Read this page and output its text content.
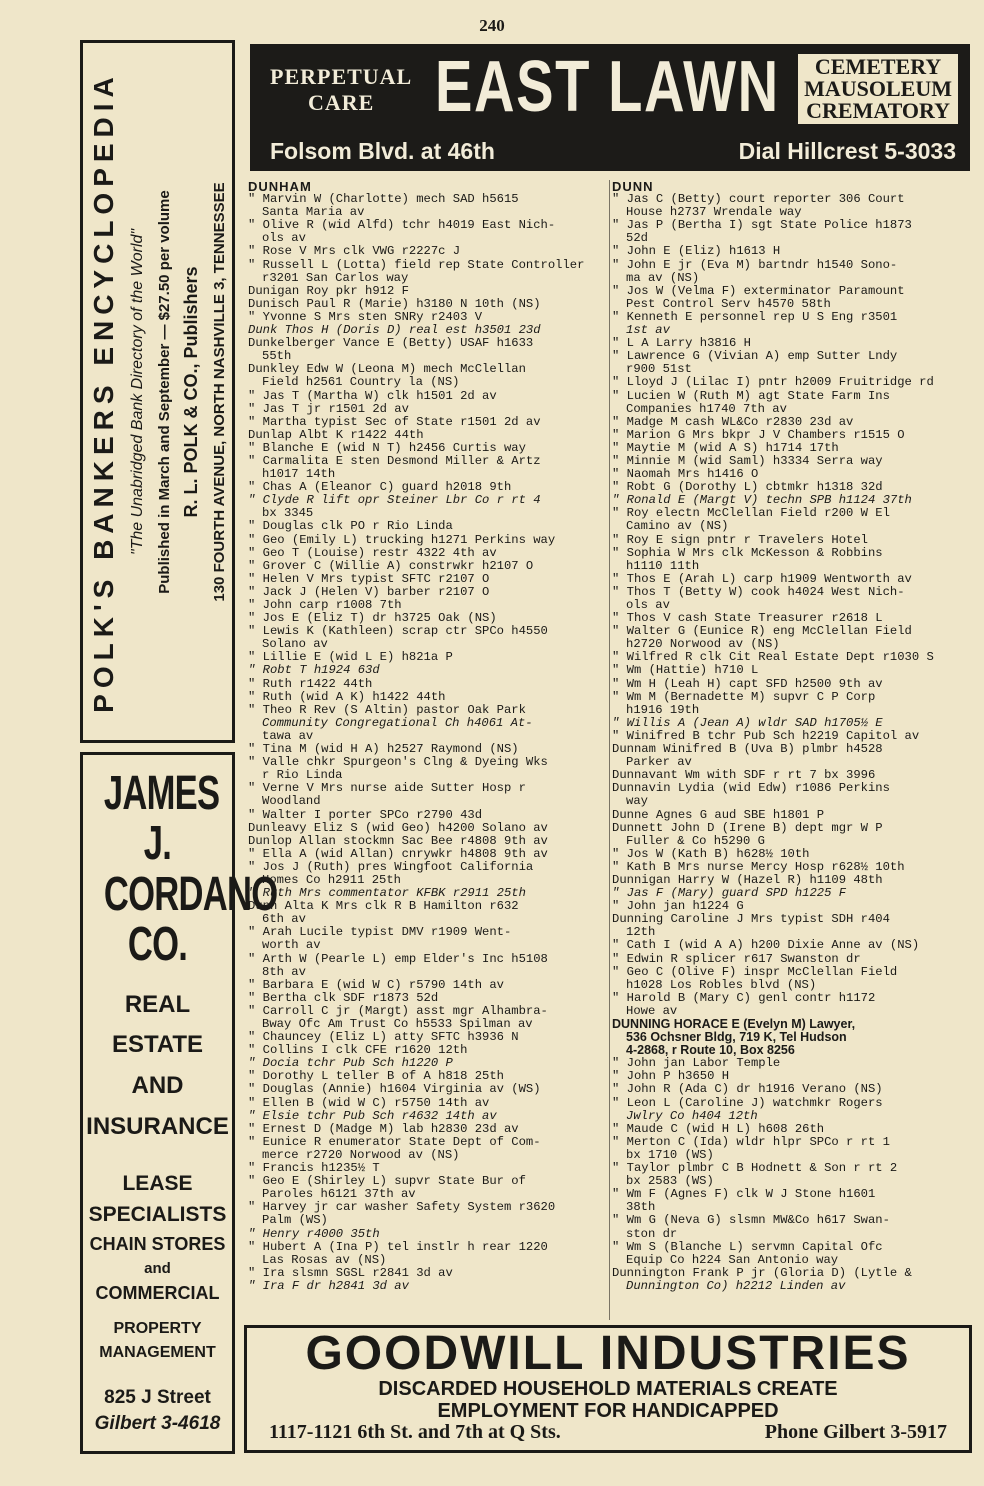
240
POLK'S BANKERS ENCYCLOPEDIA "The Unabridged Bank Directory of the World" Published in March and September — $27.50 per volume R. L. POLK & CO., Publishers 130 FOURTH AVENUE, NORTH NASHVILLE 3, TENNESSEE
JAMES
J.
CORDANO
CO.
REAL
ESTATE
AND
INSURANCE
LEASE
SPECIALISTS
CHAIN STORES
and
COMMERCIAL
PROPERTY
MANAGEMENT
825 J Street
Gilbert 3-4618
PERPETUAL
CARE EAST LAWN	CEMETERY
MAUSOLEUM
CREMATORY
Folsom Blvd. at 46th	Dial Hillcrest 5-3033
DUNHAM
" Marvin W (Charlotte) mech SAD h5615
Santa Maria av
" Olive R (wid Alfd) tchr h4019 East Nich-
ols av
" Rose V Mrs clk VWG r2227c J
" Russell L (Lotta) field rep State Controller
r3201 San Carlos way
Dunigan Roy pkr h912 F
Dunisch Paul R (Marie) h3180 N 10th (NS)
" Yvonne S Mrs sten SNRy r2403 V
Dunk Thos H (Doris D) real est h3501 23d
Dunkelberger Vance E (Betty) USAF h1633
55th
Dunkley Edw W (Leona M) mech McClellan
Field h2561 Country la (NS)
" Jas T (Martha W) clk h1501 2d av
" Jas T jr r1501 2d av
" Martha typist Sec of State r1501 2d av
Dunlap Albt K r1422 44th
" Blanche E (wid N T) h2456 Curtis way
" Carmalita E sten Desmond Miller & Artz
h1017 14th
" Chas A (Eleanor C) guard h2018 9th
" Clyde R lift opr Steiner Lbr Co r rt 4
bx 3345
" Douglas clk PO r Rio Linda
" Geo (Emily L) trucking h1271 Perkins way
" Geo T (Louise) restr 4322 4th av
" Grover C (Willie A) constrwkr h2107 O
" Helen V Mrs typist SFTC r2107 O
" Jack J (Helen V) barber r2107 O
" John carp r1008 7th
" Jos E (Eliz T) dr h3725 Oak (NS)
" Lewis K (Kathleen) scrap ctr SPCo h4550
Solano av
" Lillie E (wid L E) h821a P
" Robt T h1924 63d
" Ruth r1422 44th
" Ruth (wid A K) h1422 44th
" Theo R Rev (S Altin) pastor Oak Park
Community Congregational Ch h4061 At-
tawa av
" Tina M (wid H A) h2527 Raymond (NS)
" Valle chkr Spurgeon's Clng & Dyeing Wks
r Rio Linda
" Verne V Mrs nurse aide Sutter Hosp r
Woodland
" Walter I porter SPCo r2790 43d
Dunleavy Eliz S (wid Geo) h4200 Solano av
Dunlop Allan stockmn Sac Bee r4808 9th av
" Ella A (wid Allan) cnrywkr h4808 9th av
" Jos J (Ruth) pres Wingfoot California
Homes Co h2911 25th
" Ruth Mrs commentator KFBK r2911 25th
Dunn Alta K Mrs clk R B Hamilton r632
6th av
" Arah Lucile typist DMV r1909 Went-
worth av
" Arth W (Pearle L) emp Elder's Inc h5108
8th av
" Barbara E (wid W C) r5790 14th av
" Bertha clk SDF r1873 52d
" Carroll C jr (Margt) asst mgr Alhambra-
Bway Ofc Am Trust Co h5533 Spilman av
" Chauncey (Eliz L) atty SFTC h3936 N
" Collins I clk CFE r1620 12th
" Docia tchr Pub Sch h1220 P
" Dorothy L teller B of A h818 25th
" Douglas (Annie) h1604 Virginia av (WS)
" Ellen B (wid W C) r5750 14th av
" Elsie tchr Pub Sch r4632 14th av
" Ernest D (Madge M) lab h2830 23d av
" Eunice R enumerator State Dept of Com-
merce r2720 Norwood av (NS)
" Francis h1235½ T
" Geo E (Shirley L) supvr State Bur of
Paroles h6121 37th av
" Harvey jr car washer Safety System r3620
Palm (WS)
" Henry r4000 35th
" Hubert A (Ina P) tel instlr h rear 1220
Las Rosas av (NS)
" Ira slsmn SGSL r2841 3d av
" Ira F dr h2841 3d av
DUNN
" Jas C (Betty) court reporter 306 Court
House h2737 Wrendale way
" Jas P (Bertha I) sgt State Police h1873
52d
" John E (Eliz) h1613 H
" John E jr (Eva M) bartndr h1540 Sono-
ma av (NS)
" Jos W (Velma F) exterminator Paramount
Pest Control Serv h4570 58th
" Kenneth E personnel rep U S Eng r3501
1st av
" L A Larry h3816 H
" Lawrence G (Vivian A) emp Sutter Lndy
r900 51st
" Lloyd J (Lilac I) pntr h2009 Fruitridge rd
" Lucien W (Ruth M) agt State Farm Ins
Companies h1740 7th av
" Madge M cash WL&Co r2830 23d av
" Marion G Mrs bkpr J V Chambers r1515 O
" Maytie M (wid A S) h1714 17th
" Minnie M (wid Saml) h3334 Serra way
" Naomah Mrs h1416 O
" Robt G (Dorothy L) cbtmkr h1318 32d
" Ronald E (Margt V) techn SPB h1124 37th
" Roy electn McClellan Field r200 W El
Camino av (NS)
" Roy E sign pntr r Travelers Hotel
" Sophia W Mrs clk McKesson & Robbins
h1110 11th
" Thos E (Arah L) carp h1909 Wentworth av
" Thos T (Betty W) cook h4024 West Nich-
ols av
" Thos V cash State Treasurer r2618 L
" Walter G (Eunice R) eng McClellan Field
h2720 Norwood av (NS)
" Wilfred R clk Cit Real Estate Dept r1030 S
" Wm (Hattie) h710 L
" Wm H (Leah H) capt SFD h2500 9th av
" Wm M (Bernadette M) supvr C P Corp
h1916 19th
" Willis A (Jean A) wldr SAD h1705½ E
" Winifred B tchr Pub Sch h2219 Capitol av
Dunnam Winifred B (Uva B) plmbr h4528
Parker av
Dunnavant Wm with SDF r rt 7 bx 3996
Dunnavin Lydia (wid Edw) r1086 Perkins
way
Dunne Agnes G aud SBE h1801 P
Dunnett John D (Irene B) dept mgr W P
Fuller & Co h5290 G
" Jos W (Kath B) h628½ 10th
" Kath B Mrs nurse Mercy Hosp r628½ 10th
Dunnigan Harry W (Hazel R) h1109 48th
" Jas F (Mary) guard SPD h1225 F
" John jan h1224 G
Dunning Caroline J Mrs typist SDH r404
12th
" Cath I (wid A A) h200 Dixie Anne av (NS)
" Edwin R splicer r617 Swanston dr
" Geo C (Olive F) inspr McClellan Field
h1028 Los Robles blvd (NS)
" Harold B (Mary C) genl contr h1172
Howe av
DUNNING HORACE E (Evelyn M) Lawyer,
536 Ochsner Bldg, 719 K, Tel Hudson
4-2868, r Route 10, Box 8256
" John jan Labor Temple
" John P h3650 H
" John R (Ada C) dr h1916 Verano (NS)
" Leon L (Caroline J) watchmkr Rogers
Jwlry Co h404 12th
" Maude C (wid H L) h608 26th
" Merton C (Ida) wldr hlpr SPCo r rt 1
bx 1710 (WS)
" Taylor plmbr C B Hodnett & Son r rt 2
bx 2583 (WS)
" Wm F (Agnes F) clk W J Stone h1601
38th
" Wm G (Neva G) slsmn MW&Co h617 Swan-
ston dr
" Wm S (Blanche L) servmn Capital Ofc
Equip Co h224 San Antonio way
Dunnington Frank P jr (Gloria D) (Lytle &
Dunnington Co) h2212 Linden av
GOODWILL INDUSTRIES
DISCARDED HOUSEHOLD MATERIALS CREATE
EMPLOYMENT FOR HANDICAPPED
1117-1121 6th St. and 7th at Q Sts.	Phone Gilbert 3-5917
